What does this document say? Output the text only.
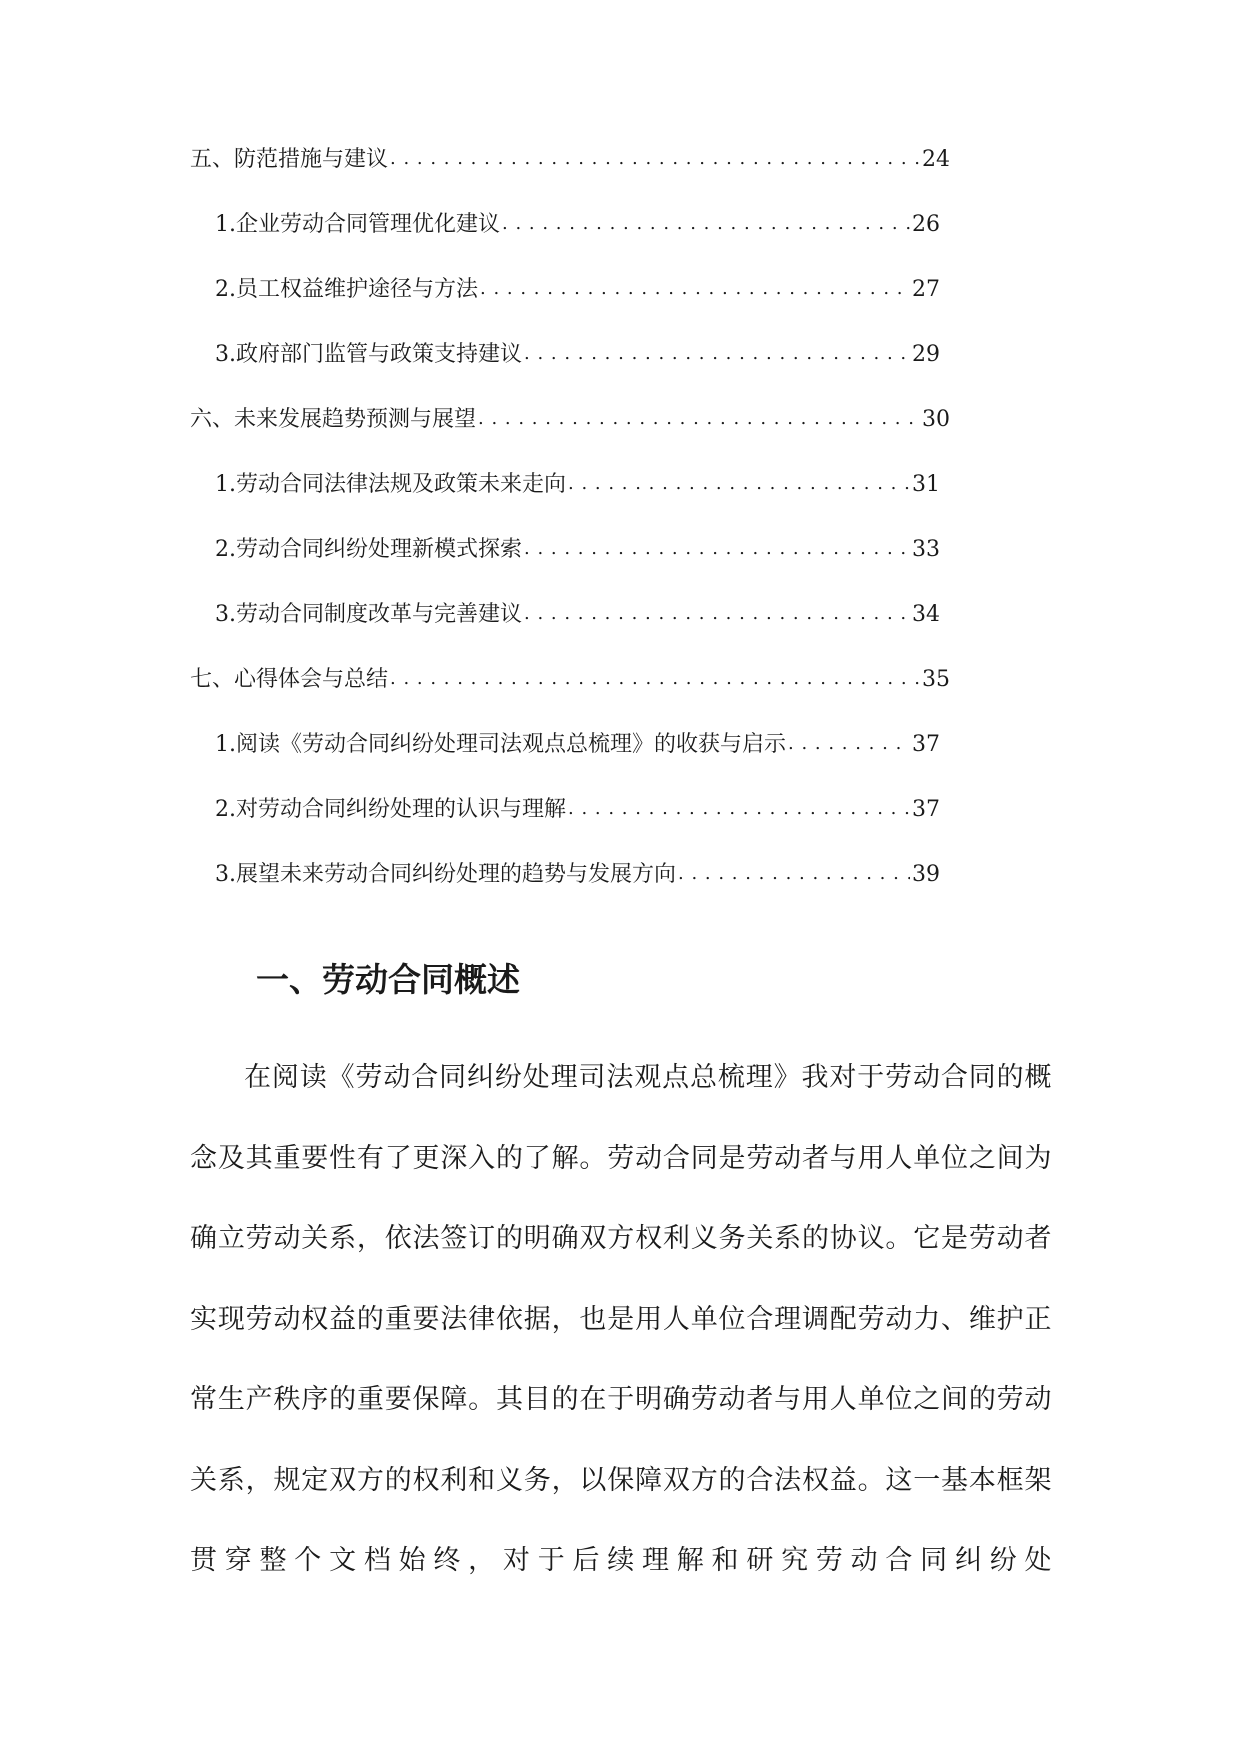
五、防范措施与建议 . . .	24
1. 企业劳动合同管理优化建议 . . .	26
2. 员工权益维护途径与方法 . . .	27
3. 政府部门监管与政策支持建议 . . .	29
六、未来发展趋势预测与展望 . . .	30
1. 劳动合同法律法规及政策未来走向 . . .	31
2. 劳动合同纠纷处理新模式探索 . . .	33
3. 劳动合同制度改革与完善建议 . . .	34
七、心得体会与总结 . . .	35
1. 阅读《劳动合同纠纷处理司法观点总梳理》的收获与启示 . . .	37
2. 对劳动合同纠纷处理的认识与理解 . . .	37
3. 展望未来劳动合同纠纷处理的趋势与发展方向 . . .	39
一、劳动合同概述

在阅读《劳动合同纠纷处理司法观点总梳理》我对于劳动合同的概念及其重要性有了更深入的了解。劳动合同是劳动者与用人单位之间为确立劳动关系，依法签订的明确双方权利义务关系的协议。它是劳动者实现劳动权益的重要法律依据，也是用人单位合理调配劳动力、维护正常生产秩序的重要保障。其目的在于明确劳动者与用人单位之间的劳动关系，规定双方的权利和义务，以保障双方的合法权益。这一基本框架贯穿整个文档始终，对于后续理解和研究劳动合同纠纷处
